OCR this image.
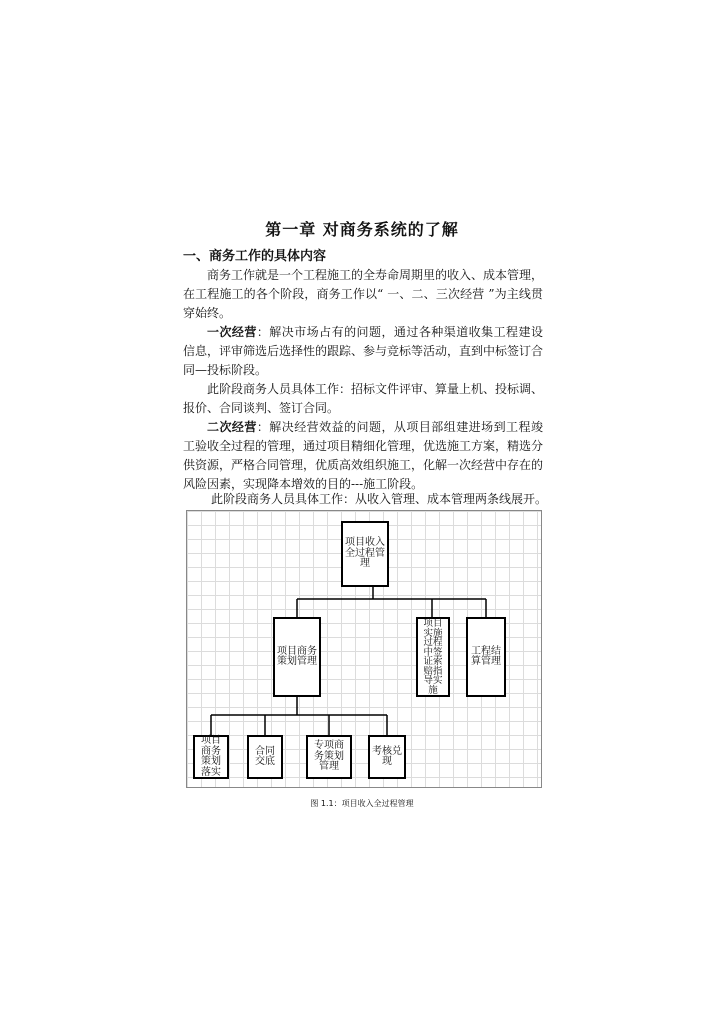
第一章 对商务系统的了解
一、商务工作的具体内容

商务工作就是一个工程施工的全寿命周期里的收入、成本管理，在工程施工的各个阶段，商务工作以“ 一、二、三次经营 ”为主线贯穿始终。

一次经营：解决市场占有的问题，通过各种渠道收集工程建设信息，评审筛选后选择性的跟踪、参与竞标等活动，直到中标签订合同—投标阶段。

此阶段商务人员具体工作：招标文件评审、算量上机、投标调、报价、合同谈判、签订合同。

二次经营：解决经营效益的问题，从项目部组建进场到工程竣工验收全过程的管理，通过项目精细化管理，优选施工方案，精选分供资源，严格合同管理，优质高效组织施工，化解一次经营中存在的风险因素，实现降本增效的目的---施工阶段。

此阶段商务人员具体工作：从收入管理、成本管理两条线展开。

项目收入全过程管理
项目商务策划管理
项目实施过程中签证索赔指导实施
工程结算管理
项目商务策划落实
合同交底
专项商务策划管理
考核兑现

图 1.1：项目收入全过程管理
